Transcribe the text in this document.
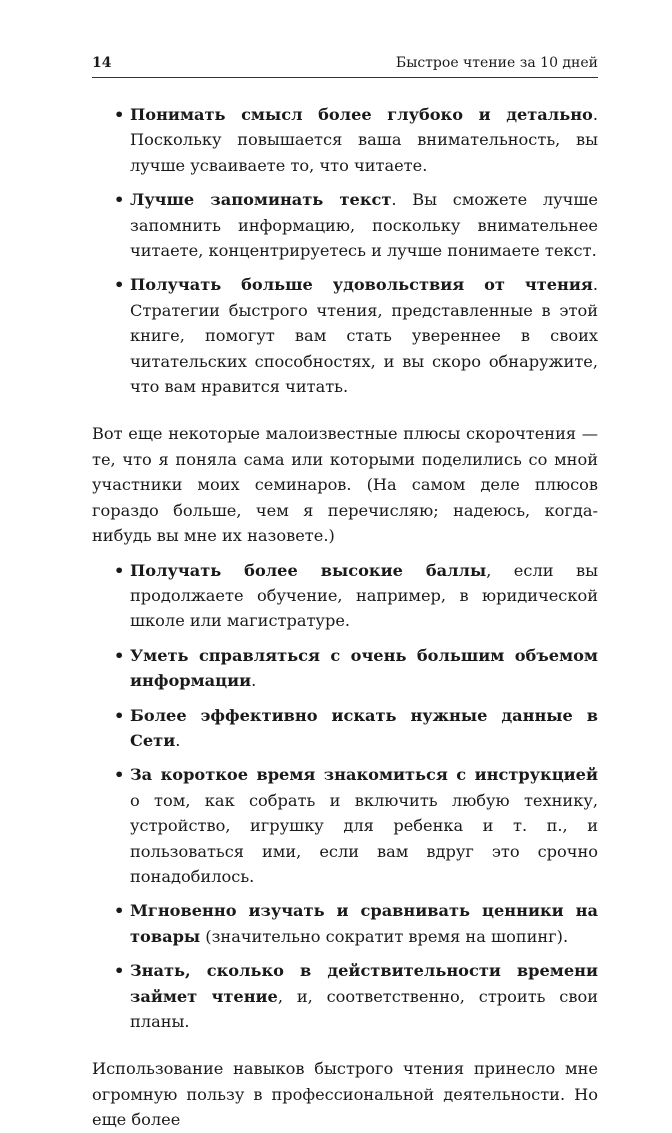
14	Быстрое чтение за 10 дней
• Понимать смысл более глубоко и детально. Поскольку повышается ваша внимательность, вы лучше усваиваете то, что читаете.
• Лучше запоминать текст. Вы сможете лучше запомнить информацию, поскольку внимательнее читаете, концентрируетесь и лучше понимаете текст.
• Получать больше удовольствия от чтения. Стратегии быстрого чтения, представленные в этой книге, помогут вам стать увереннее в своих читательских способностях, и вы скоро обнаружите, что вам нравится читать.

Вот еще некоторые малоизвестные плюсы скорочтения — те, что я поняла сама или которыми поделились со мной участники моих семинаров. (На самом деле плюсов гораздо больше, чем я перечисляю; надеюсь, когда-нибудь вы мне их назовете.)

• Получать более высокие баллы, если вы продолжаете обучение, например, в юридической школе или магистратуре.
• Уметь справляться с очень большим объемом информации.
• Более эффективно искать нужные данные в Сети.
• За короткое время знакомиться с инструкцией о том, как собрать и включить любую технику, устройство, игрушку для ребенка и т. п., и пользоваться ими, если вам вдруг это срочно понадобилось.
• Мгновенно изучать и сравнивать ценники на товары (значительно сократит время на шопинг).
• Знать, сколько в действительности времени займет чтение, и, соответственно, строить свои планы.

Использование навыков быстрого чтения принесло мне огромную пользу в профессиональной деятельности. Но еще более
